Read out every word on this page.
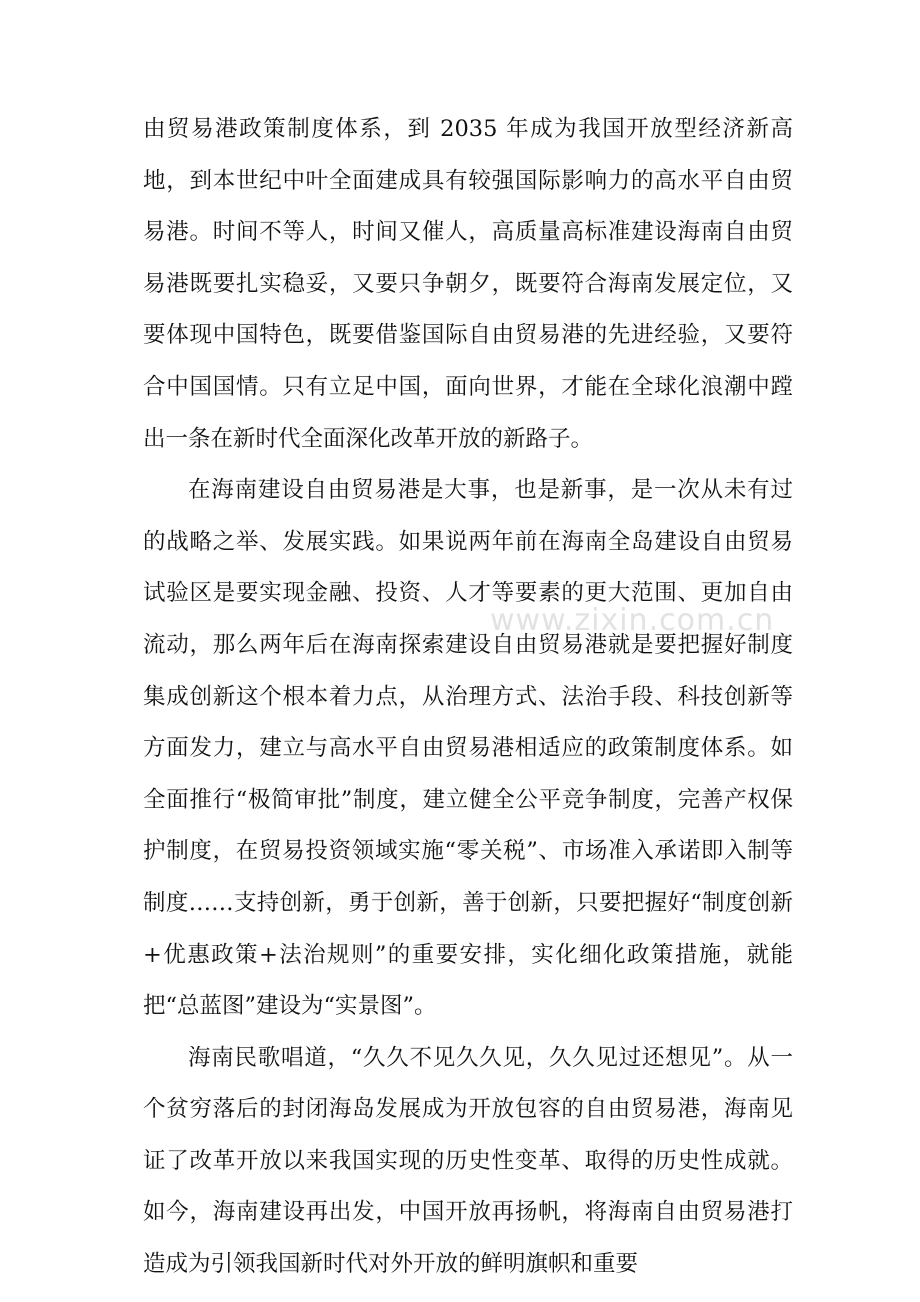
由贸易港政策制度体系，到 2035 年成为我国开放型经济新高地，到本世纪中叶全面建成具有较强国际影响力的高水平自由贸易港。时间不等人，时间又催人，高质量高标准建设海南自由贸易港既要扎实稳妥，又要只争朝夕，既要符合海南发展定位，又要体现中国特色，既要借鉴国际自由贸易港的先进经验，又要符合中国国情。只有立足中国，面向世界，才能在全球化浪潮中蹚出一条在新时代全面深化改革开放的新路子。

在海南建设自由贸易港是大事，也是新事，是一次从未有过的战略之举、发展实践。如果说两年前在海南全岛建设自由贸易试验区是要实现金融、投资、人才等要素的更大范围、更加自由流动，那么两年后在海南探索建设自由贸易港就是要把握好制度集成创新这个根本着力点，从治理方式、法治手段、科技创新等方面发力，建立与高水平自由贸易港相适应的政策制度体系。如全面推行“极简审批”制度，建立健全公平竞争制度，完善产权保护制度，在贸易投资领域实施“零关税”、市场准入承诺即入制等制度……支持创新，勇于创新，善于创新，只要把握好“制度创新+优惠政策+法治规则”的重要安排，实化细化政策措施，就能把“总蓝图”建设为“实景图”。

海南民歌唱道，“久久不见久久见，久久见过还想见”。从一个贫穷落后的封闭海岛发展成为开放包容的自由贸易港，海南见证了改革开放以来我国实现的历史性变革、取得的历史性成就。如今，海南建设再出发，中国开放再扬帆，将海南自由贸易港打造成为引领我国新时代对外开放的鲜明旗帜和重要

www.zixin.com.cn
